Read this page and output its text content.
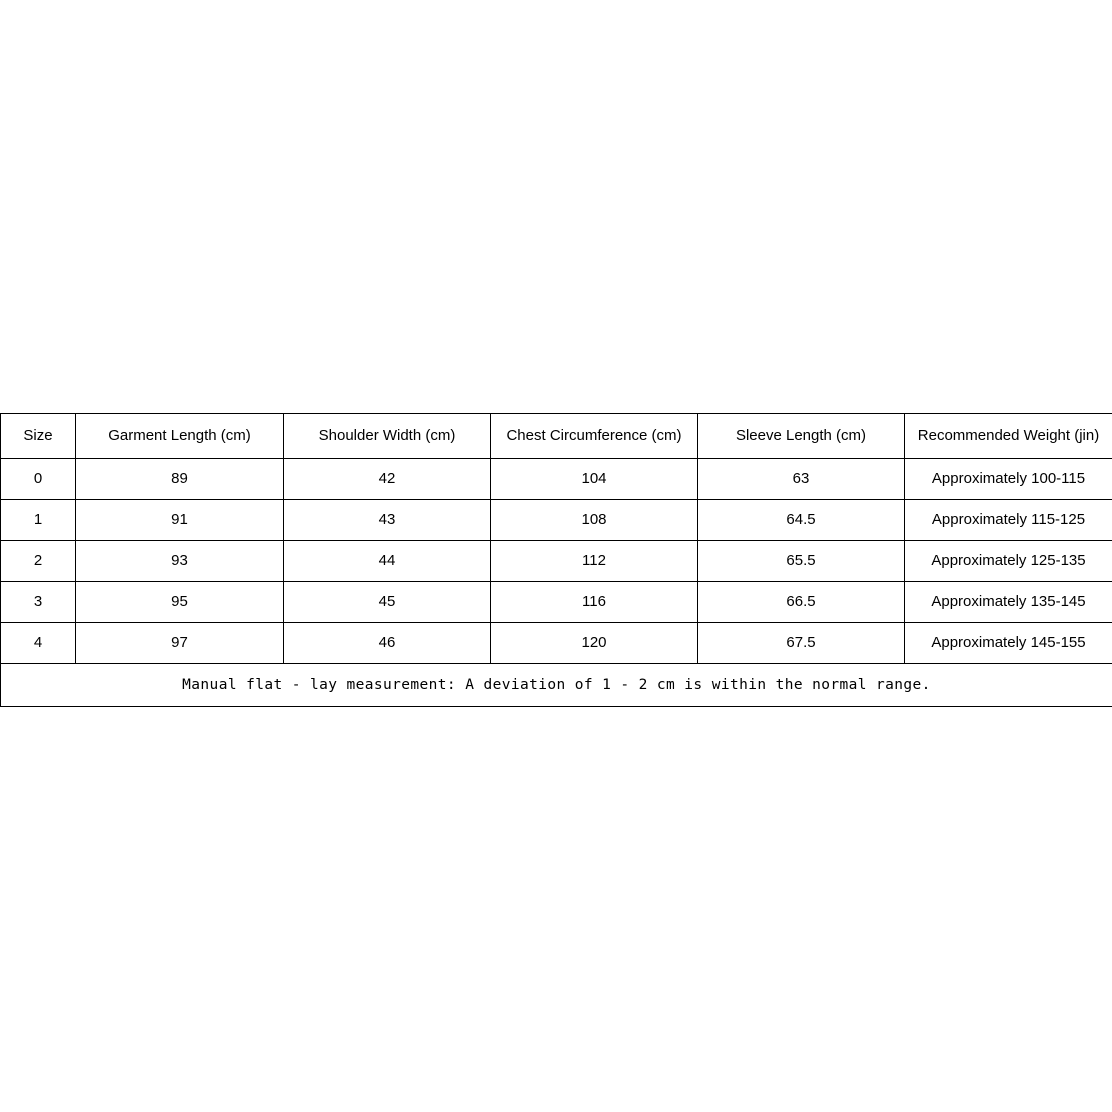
Size	Garment Length (cm)	Shoulder Width (cm)	Chest Circumference (cm)	Sleeve Length (cm)	Recommended Weight (jin)
0	89	42	104	63	Approximately 100-115
1	91	43	108	64.5	Approximately 115-125
2	93	44	112	65.5	Approximately 125-135
3	95	45	116	66.5	Approximately 135-145
4	97	46	120	67.5	Approximately 145-155
Manual flat - lay measurement: A deviation of 1 - 2 cm is within the normal range.					
